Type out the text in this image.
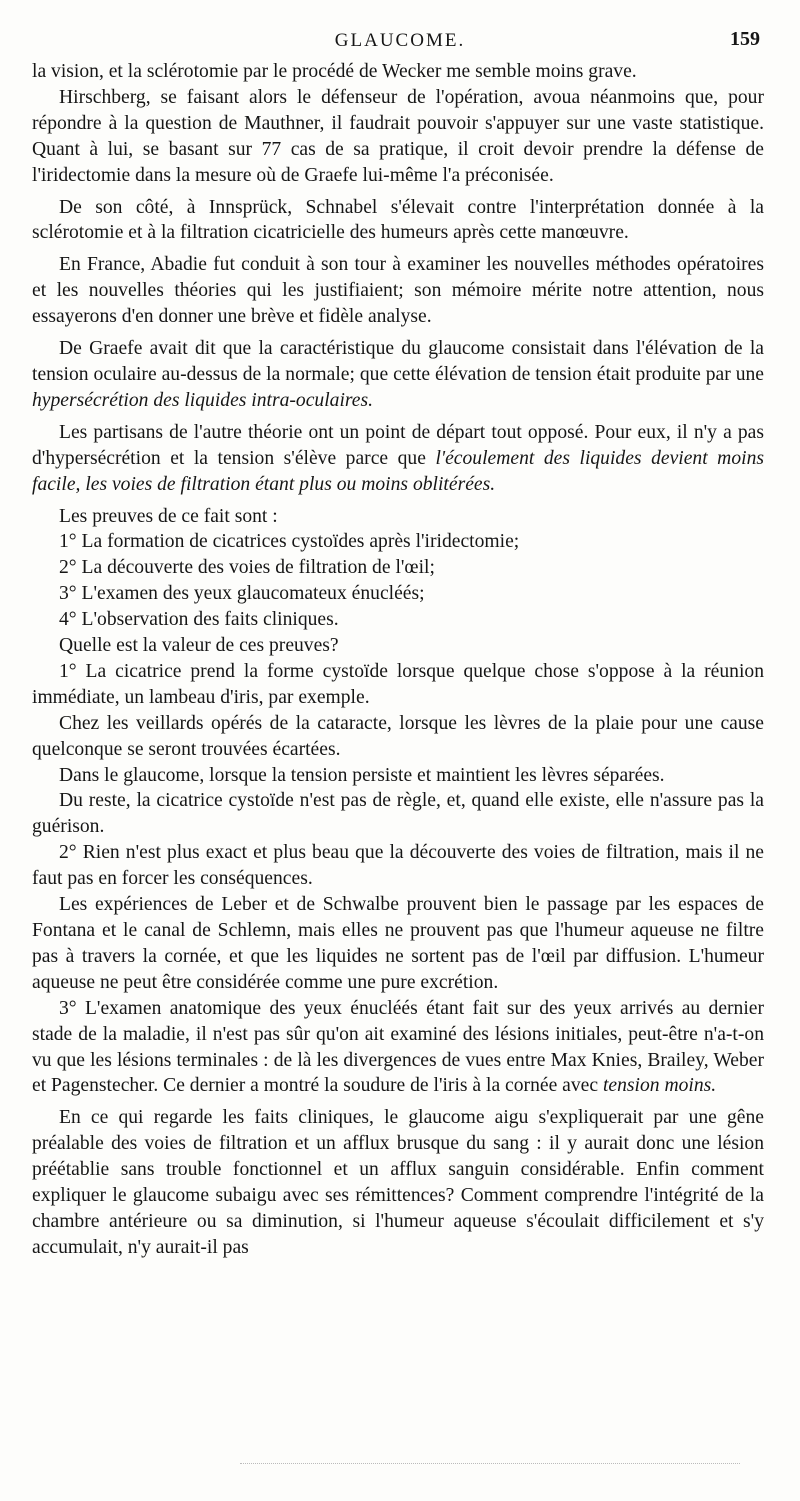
GLAUCOME.	159

la vision, et la sclérotomie par le procédé de Wecker me semble moins grave.

Hirschberg, se faisant alors le défenseur de l'opération, avoua néanmoins que, pour répondre à la question de Mauthner, il faudrait pouvoir s'appuyer sur une vaste statistique. Quant à lui, se basant sur 77 cas de sa pratique, il croit devoir prendre la défense de l'iridectomie dans la mesure où de Graefe lui-même l'a préconisée.

De son côté, à Innsprück, Schnabel s'élevait contre l'interprétation donnée à la sclérotomie et à la filtration cicatricielle des humeurs après cette manœuvre.

En France, Abadie fut conduit à son tour à examiner les nouvelles méthodes opératoires et les nouvelles théories qui les justifiaient; son mémoire mérite notre attention, nous essayerons d'en donner une brève et fidèle analyse.

De Graefe avait dit que la caractéristique du glaucome consistait dans l'élévation de la tension oculaire au-dessus de la normale; que cette élévation de tension était produite par une hypersécrétion des liquides intra-oculaires.

Les partisans de l'autre théorie ont un point de départ tout opposé. Pour eux, il n'y a pas d'hypersécrétion et la tension s'élève parce que l'écoulement des liquides devient moins facile, les voies de filtration étant plus ou moins oblitérées.

Les preuves de ce fait sont :

1° La formation de cicatrices cystoïdes après l'iridectomie;

2° La découverte des voies de filtration de l'œil;

3° L'examen des yeux glaucomateux énucléés;

4° L'observation des faits cliniques.

Quelle est la valeur de ces preuves?

1° La cicatrice prend la forme cystoïde lorsque quelque chose s'oppose à la réunion immédiate, un lambeau d'iris, par exemple.

Chez les veillards opérés de la cataracte, lorsque les lèvres de la plaie pour une cause quelconque se seront trouvées écartées.

Dans le glaucome, lorsque la tension persiste et maintient les lèvres séparées.

Du reste, la cicatrice cystoïde n'est pas de règle, et, quand elle existe, elle n'assure pas la guérison.

2° Rien n'est plus exact et plus beau que la découverte des voies de filtration, mais il ne faut pas en forcer les conséquences.

Les expériences de Leber et de Schwalbe prouvent bien le passage par les espaces de Fontana et le canal de Schlemn, mais elles ne prouvent pas que l'humeur aqueuse ne filtre pas à travers la cornée, et que les liquides ne sortent pas de l'œil par diffusion. L'humeur aqueuse ne peut être considérée comme une pure excrétion.

3° L'examen anatomique des yeux énucléés étant fait sur des yeux arrivés au dernier stade de la maladie, il n'est pas sûr qu'on ait examiné des lésions initiales, peut-être n'a-t-on vu que les lésions terminales : de là les divergences de vues entre Max Knies, Brailey, Weber et Pagenstecher. Ce dernier a montré la soudure de l'iris à la cornée avec tension moins.

En ce qui regarde les faits cliniques, le glaucome aigu s'expliquerait par une gêne préalable des voies de filtration et un afflux brusque du sang : il y aurait donc une lésion préétablie sans trouble fonctionnel et un afflux sanguin considérable. Enfin comment expliquer le glaucome subaigu avec ses rémittences? Comment comprendre l'intégrité de la chambre antérieure ou sa diminution, si l'humeur aqueuse s'écoulait difficilement et s'y accumulait, n'y aurait-il pas
